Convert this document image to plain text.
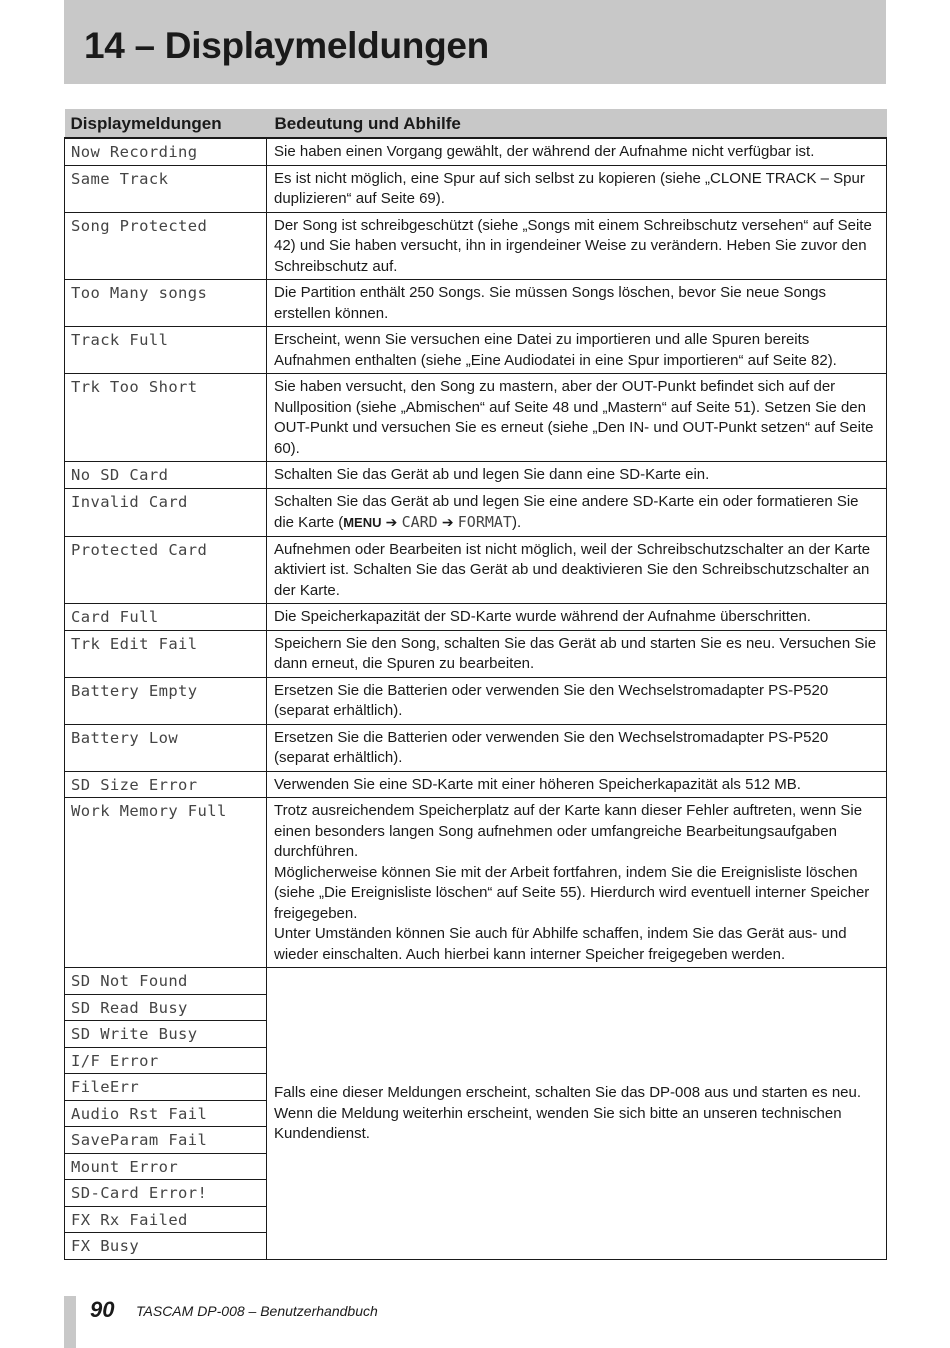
14 – Displaymeldungen
Displaymeldungen	Bedeutung und Abhilfe
Now Recording	Sie haben einen Vorgang gewählt, der während der Aufnahme nicht verfügbar ist.
Same Track	Es ist nicht möglich, eine Spur auf sich selbst zu kopieren (siehe „CLONE TRACK – Spur duplizieren“ auf Seite 69).
Song Protected	Der Song ist schreibgeschützt (siehe „Songs mit einem Schreibschutz versehen“ auf Seite 42) und Sie haben versucht, ihn in irgendeiner Weise zu verändern. Heben Sie zuvor den Schreibschutz auf.
Too Many songs	Die Partition enthält 250 Songs. Sie müssen Songs löschen, bevor Sie neue Songs erstellen können.
Track Full	Erscheint, wenn Sie versuchen eine Datei zu importieren und alle Spuren bereits Aufnahmen enthalten (siehe „Eine Audiodatei in eine Spur importieren“ auf Seite 82).
Trk Too Short	Sie haben versucht, den Song zu mastern, aber der OUT-Punkt befindet sich auf der Nullposition (siehe „Abmischen“ auf Seite 48 und „Mastern“ auf Seite 51). Setzen Sie den OUT-Punkt und versuchen Sie es erneut (siehe „Den IN- und OUT-Punkt setzen“ auf Seite 60).
No SD Card	Schalten Sie das Gerät ab und legen Sie dann eine SD-Karte ein.
Invalid Card	Schalten Sie das Gerät ab und legen Sie eine andere SD-Karte ein oder formatieren Sie die Karte (MENU ➔ CARD ➔ FORMAT).
Protected Card	Aufnehmen oder Bearbeiten ist nicht möglich, weil der Schreibschutzschalter an der Karte aktiviert ist. Schalten Sie das Gerät ab und deaktivieren Sie den Schreibschutzschalter an der Karte.
Card Full	Die Speicherkapazität der SD-Karte wurde während der Aufnahme überschritten.
Trk Edit Fail	Speichern Sie den Song, schalten Sie das Gerät ab und starten Sie es neu. Versuchen Sie dann erneut, die Spuren zu bearbeiten.
Battery Empty	Ersetzen Sie die Batterien oder verwenden Sie den Wechselstromadapter PS-P520 (separat erhältlich).
Battery Low	Ersetzen Sie die Batterien oder verwenden Sie den Wechselstromadapter PS-P520 (separat erhältlich).
SD Size Error	Verwenden Sie eine SD-Karte mit einer höheren Speicherkapazität als 512 MB.
Work Memory Full	Trotz ausreichendem Speicherplatz auf der Karte kann dieser Fehler auftreten, wenn Sie einen besonders langen Song aufnehmen oder umfangreiche Bearbeitungsaufgaben durchführen.
Möglicherweise können Sie mit der Arbeit fortfahren, indem Sie die Ereignisliste löschen (siehe „Die Ereignisliste löschen“ auf Seite 55). Hierdurch wird eventuell interner Speicher freigegeben.
Unter Umständen können Sie auch für Abhilfe schaffen, indem Sie das Gerät aus- und wieder einschalten. Auch hierbei kann interner Speicher freigegeben werden.

SD Not Found	Falls eine dieser Meldungen erscheint, schalten Sie das DP-008 aus und starten es neu. Wenn die Meldung weiterhin erscheint, wenden Sie sich bitte an unseren technischen Kundendienst.
SD Read Busy	
SD Write Busy	
I/F Error	
FileErr	
Audio Rst Fail	
SaveParam Fail	
Mount Error	
SD-Card Error!	
FX Rx Failed	
FX Busy	
90 TASCAM DP-008 – Benutzerhandbuch
